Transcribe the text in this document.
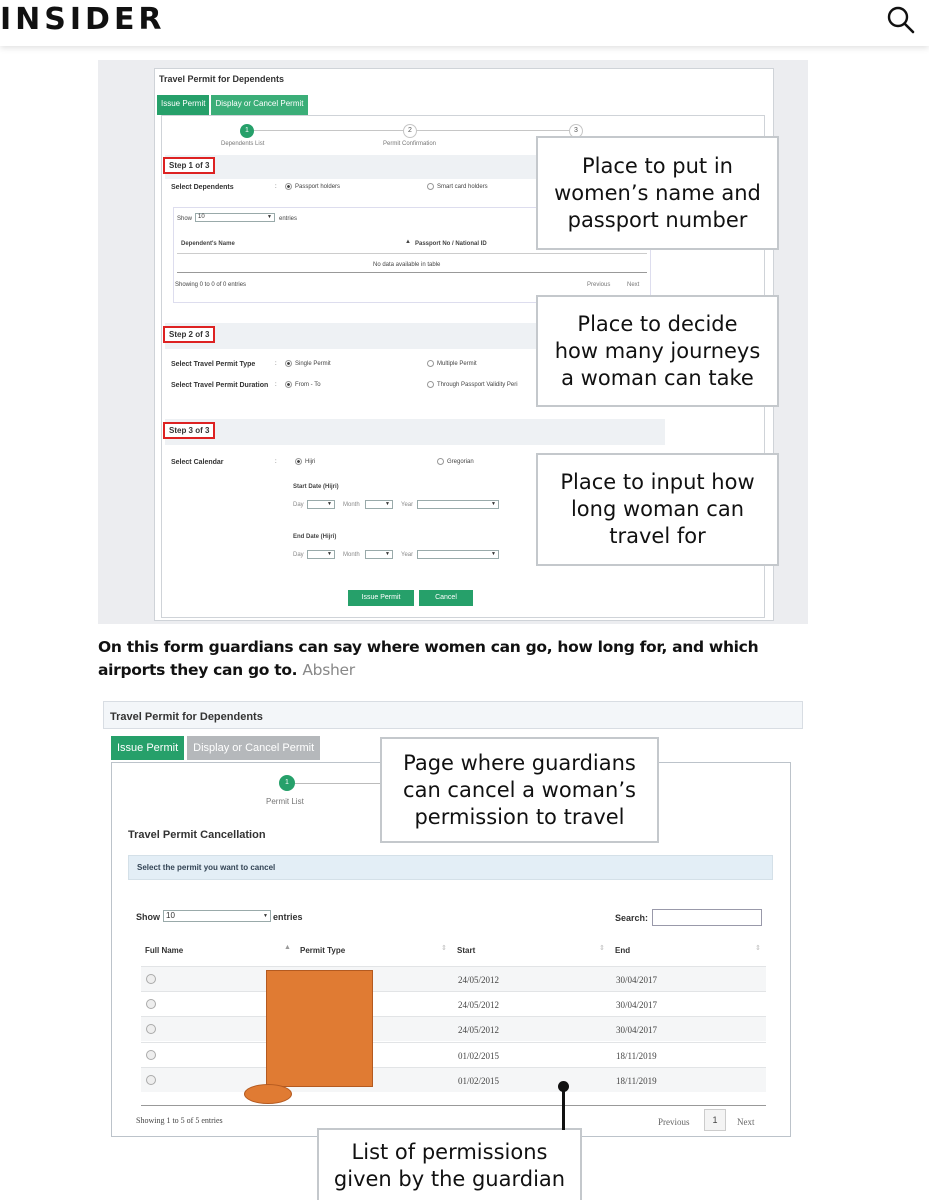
INSIDER
Travel Permit for Dependents
Issue Permit	Display or Cancel Permit
1	2	3
Dependents List	Permit Confirmation
Step 1 of 3
Select Dependents	:	Passport holders	Smart card holders
Show 10 ▼	entries
Dependent's Name	▲ Passport No / National ID
No data available in table
Showing 0 to 0 of 0 entries	Previous	Next
Step 2 of 3
Select Travel Permit Type	:	Single Permit	Multiple Permit
Select Travel Permit Duration :	From - To	Through Passport Validity Peri
Step 3 of 3
Select Calendar	:	Hijri	Gregorian
Start Date (Hijri)
Day ▼	Month ▼	Year
▼
End Date (Hijri)
Day ▼	Month ▼	Year
▼
Issue Permit	Cancel
Place to put in
women’s name and
passport number
Place to decide
how many journeys
a woman can take
Place to input how
long woman can
travel for
On this form guardians can say where women can go, how long for, and which airports they can go to. Absher
Travel Permit for Dependents
Issue Permit	Display or Cancel Permit
1
Permit List
Travel Permit Cancellation
Select the permit you want to cancel
Show 10 ▼	entries	Search:
Full Name	▲ Permit Type	⇕ Start	⇕ End	⇕
24/05/2012	30/04/2017
24/05/2012	30/04/2017
24/05/2012	30/04/2017
01/02/2015	18/11/2019
01/02/2015	18/11/2019
Showing 1 to 5 of 5 entries	Previous	1	Next
Page where guardians
can cancel a woman’s
permission to travel
List of permissions
given by the guardian
